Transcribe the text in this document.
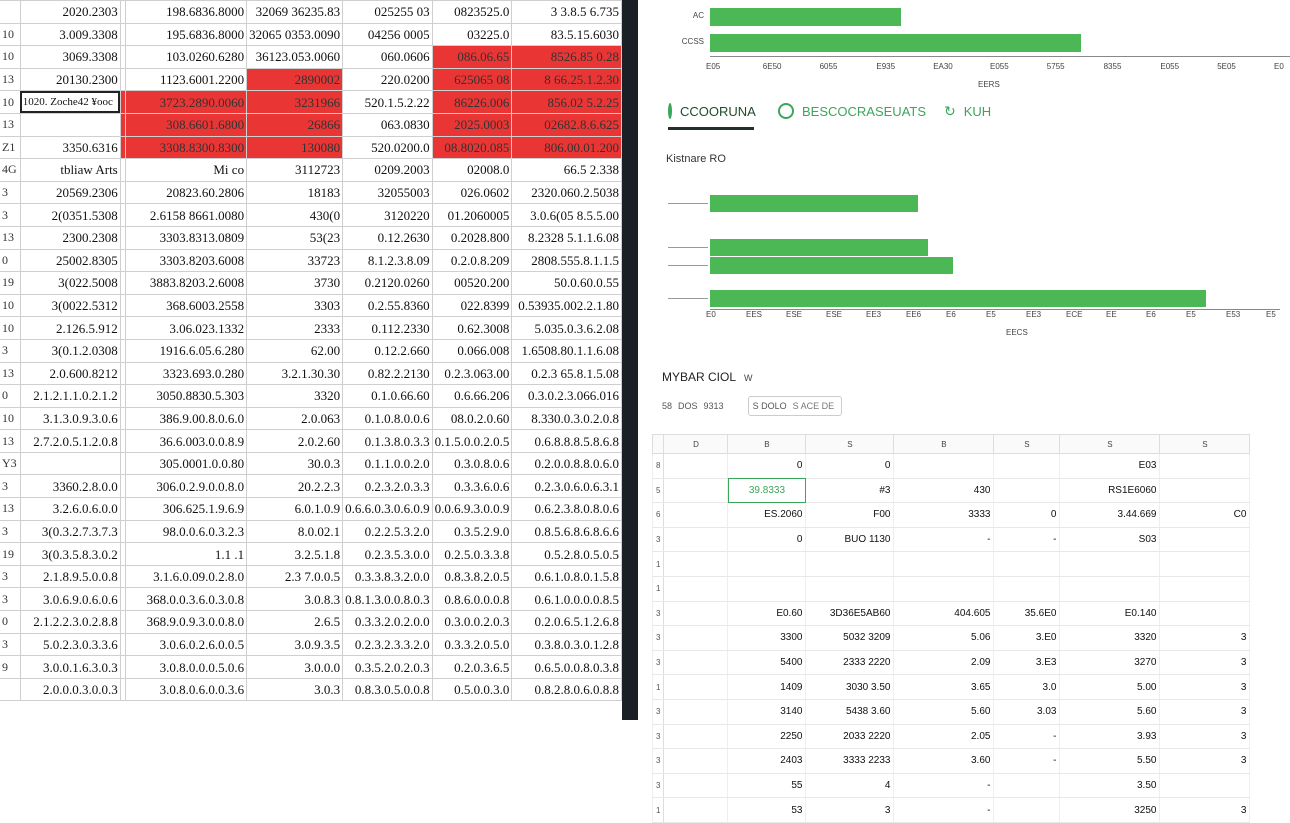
	2020.2303		198.6836.8000	32069 36235.83	025255 03	0823525.0	3 3.8.5 6.735
10	3.009.3308		195.6836.8000	32065 0353.0090	04256 0005	03225.0	83.5.15.6030
10	3069.3308		103.0260.6280	36123.053.0060	060.0606	086.06.65	8526.85 0.28
13	20130.2300		1123.6001.2200	2890002	220.0200	625065 08	8 66.25.1.2.30
10	1020. Zoche42 ¥ooc		3723.2890.0060	3231966	520.1.5.2.22	86226.006	856.02 5.2.25
13			308.6601.6800	26866	063.0830	2025.0003	02682.8.6.625
Z1	3350.6316		3308.8300.8300	130080	520.0200.0	08.8020.085	806.00.01.200
4G	tbliaw Arts		Mi co	3112723	0209.2003	02008.0	66.5 2.338
3	20569.2306		20823.60.2806	18183	32055003	026.0602	2320.060.2.5038
3	2(0351.5308		2.6158 8661.0080	430(0	3120220	01.2060005	3.0.6(05 8.5.5.00
13	2300.2308		3303.8313.0809	53(23	0.12.2630	0.2028.800	8.2328 5.1.1.6.08
0	25002.8305		3303.8203.6008	33723	8.1.2.3.8.09	0.2.0.8.209	2808.555.8.1.1.5
19	3(022.5008		3883.8203.2.6008	3730	0.2120.0260	00520.200	50.0.60.0.55
10	3(0022.5312		368.6003.2558	3303	0.2.55.8360	022.8399	0.53935.002.2.1.80
10	2.126.5.912		3.06.023.1332	2333	0.112.2330	0.62.3008	5.035.0.3.6.2.08
3	3(0.1.2.0308		1916.6.05.6.280	62.00	0.12.2.660	0.066.008	1.6508.80.1.1.6.08
13	2.0.600.8212		3323.693.0.280	3.2.1.30.30	0.82.2.2130	0.2.3.063.00	0.2.3 65.8.1.5.08
0	2.1.2.1.1.0.2.1.2		3050.8830.5.303	3320	0.1.0.66.60	0.6.66.206	0.3.0.2.3.066.016
10	3.1.3.0.9.3.0.6		386.9.00.8.0.6.0	2.0.063	0.1.0.8.0.0.6	08.0.2.0.60	8.330.0.3.0.2.0.8
13	2.7.2.0.5.1.2.0.8		36.6.003.0.0.8.9	2.0.2.60	0.1.3.8.0.3.3	0.1.5.0.0.2.0.5	0.6.8.8.8.5.8.6.8
Y3			305.0001.0.0.80	30.0.3	0.1.1.0.0.2.0	0.3.0.8.0.6	0.2.0.0.8.8.0.6.0
3	3360.2.8.0.0		306.0.2.9.0.0.8.0	20.2.2.3	0.2.3.2.0.3.3	0.3.3.6.0.6	0.2.3.0.6.0.6.3.1
13	3.2.6.0.6.0.0		306.625.1.9.6.9	6.0.1.0.9	0.6.6.0.3.0.6.0.9	0.0.6.9.3.0.0.9	0.6.2.3.8.0.8.0.6
3	3(0.3.2.7.3.7.3		98.0.0.6.0.3.2.3	8.0.02.1	0.2.2.5.3.2.0	0.3.5.2.9.0	0.8.5.6.8.6.8.6.6
19	3(0.3.5.8.3.0.2		1.1 .1	3.2.5.1.8	0.2.3.5.3.0.0	0.2.5.0.3.3.8	0.5.2.8.0.5.0.5
3	2.1.8.9.5.0.0.8		3.1.6.0.09.0.2.8.0	2.3 7.0.0.5	0.3.3.8.3.2.0.0	0.8.3.8.2.0.5	0.6.1.0.8.0.1.5.8
3	3.0.6.9.0.6.0.6		368.0.0.3.6.0.3.0.8	3.0.8.3	0.8.1.3.0.0.8.0.3	0.8.6.0.0.0.8	0.6.1.0.0.0.0.8.5
0	2.1.2.2.3.0.2.8.8		368.9.0.9.3.0.0.8.0	2.6.5	0.3.3.2.0.2.0.0	0.3.0.0.2.0.3	0.2.0.6.5.1.2.6.8
3	5.0.2.3.0.3.3.6		3.0.6.0.2.6.0.0.5	3.0.9.3.5	0.2.3.2.3.3.2.0	0.3.3.2.0.5.0	0.3.8.0.3.0.1.2.8
9	3.0.0.1.6.3.0.3		3.0.8.0.0.0.5.0.6	3.0.0.0	0.3.5.2.0.2.0.3	0.2.0.3.6.5	0.6.5.0.0.8.0.3.8
	2.0.0.0.3.0.0.3		3.0.8.0.6.0.0.3.6	3.0.3	0.8.3.0.5.0.0.8	0.5.0.0.3.0	0.8.2.8.0.6.0.8.8
AC
CCSS
E05	6E50	6055	E935	EA30	E055	5755	8355	E055	5E05	E0
EERS
CCOORUNA	BESCOCRASEUATS ↻ KUH
Kistnare RO
E0	EES	ESE	ESE	EE3	EE6	E6	E5	EE3	ECE	EE	E6	E5	E53	E5
EECS
MYBAR CIOL W
58 DOS 9313	S DOLO S ACE DE
	D	B	S	B	S	S	S
8		0	0			E03	
5		39.8333	#3	430		RS1E6060	
6		ES.2060	F00	3333	0	3.44.669	C0
3		0	BUO 1130	-	-	S03	
1							
1							
3		E0.60	3D36E5AB60	404.605	35.6E0	E0.140	
3		3300	5032 3209	5.06	3.E0	3320	3
3		5400	2333 2220	2.09	3.E3	3270	3
1		1409	3030 3.50	3.65	3.0	5.00	3
3		3140	5438 3.60	5.60	3.03	5.60	3
3		2250	2033 2220	2.05	-	3.93	3
3		2403	3333 2233	3.60	-	5.50	3
3		55	4	-		3.50	
1		53	3	-		3250	3
